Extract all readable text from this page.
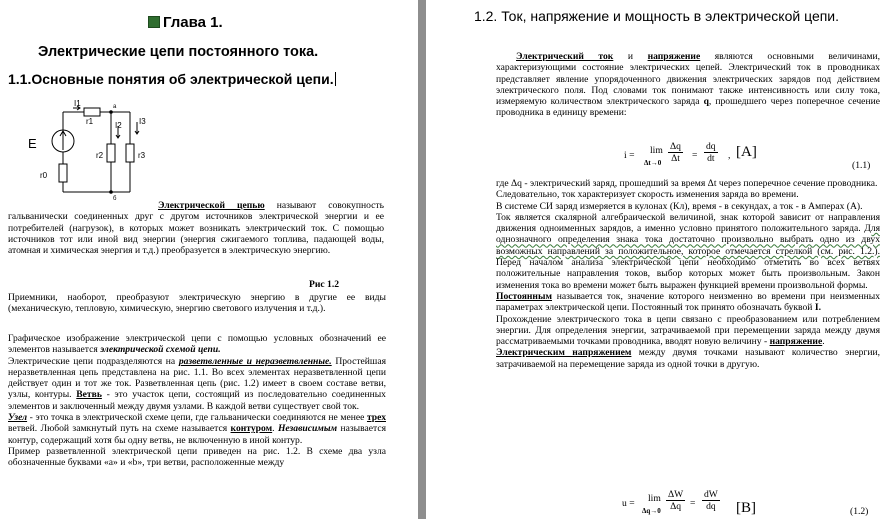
Глава 1.
Электрические цепи постоянного тока.
1.1.Основные понятия об электрической цепи.
I1
r1	I2 I3
E
r2	r3
r0
a
б
Электрической цепью называют совокупность гальванически соединенных друг с другом источников электрической энергии и ее потребителей (нагрузок), в которых может возникать электрический ток. С помощью источников тот или иной вид энергии (энергия сжигаемого топлива, падающей воды, атомная и химическая энергия и т.д.) преобразуется в электрическую энергию.
Рис 1.2
Приемники, наоборот, преобразуют электрическую энергию в другие ее виды (механическую, тепловую, химическую, энергию светового излучения и т.д.).
Графическое изображение электрической цепи с помощью условных обозначений ее элементов называется электрической схемой цепи.
Электрические цепи подразделяются на разветвленные и неразветвленные. Простейшая неразветвленная цепь представлена на рис. 1.1. Во всех элементах неразветвленной цепи действует один и тот же ток. Разветвленная цепь (рис. 1.2) имеет в своем составе ветви, узлы, контуры. Ветвь - это участок цепи, состоящий из последовательно соединенных элементов и заключенный между двумя узлами. В каждой ветви существует свой ток.
Узел - это точка в электрической схеме цепи, где гальванически соединяются не менее трех ветвей. Любой замкнутый путь на схеме называется контуром. Независимым называется контур, содержащий хотя бы одну ветвь, не включенную в иной контур.
Пример разветвленной электрической цепи приведен на рис. 1.2. В схеме два узла обозначенные буквами «а» и «b», три ветви, расположенные между
1.2. Ток, напряжение и мощность в электрической цепи.
Электрический ток и напряжение являются основными величинами, характеризующими состояние электрических цепей. Электрический ток в проводниках представляет явление упорядоченного движения электрических зарядов под действием электрического поля. Под словами ток понимают также интенсивность или силу тока, измеряемую количеством электрического заряда q, прошедшего через поперечное сечение проводника в единицу времени:
i = lim
$\Delta t\to 0 \frac{\Delta q}{\Delta t} = \frac{dq}{dt}$ , [A]
(1.1)
где Δq - электрический заряд, прошедший за время Δt через поперечное сечение проводника.
Следовательно, ток характеризует скорость изменения заряда во времени.
В системе СИ заряд измеряется в кулонах (Кл), время - в секундах, а ток - в Амперах (А).
Ток является скалярной алгебраической величиной, знак которой зависит от направления движения одноименных зарядов, а именно условно принятого положительного заряда. Для однозначного определения знака тока достаточно произвольно выбрать одно из двух возможных направлений за положительное, которое отмечается стрелкой (см. рис. 1.2.). Перед началом анализа электрической цепи необходимо отметить во всех ветвях положительные направления токов, выбор которых может быть произвольным. Закон изменения тока во времени может быть выражен функцией времени произвольной формы.
Постоянным называется ток, значение которого неизменно во времени при неизменных параметрах электрической цепи. Постоянный ток принято обозначать буквой I.
Прохождение электрического тока в цепи связано с преобразованием или потреблением энергии. Для определения энергии, затрачиваемой при перемещении заряда между двумя рассматриваемыми точками проводника, вводят новую величину - напряжение.
Электрическим напряжением между двумя точками называют количество энергии, затрачиваемой на перемещение заряда из одной точки в другую.
u = lim
$\Delta q\to 0 \frac{\Delta W}{\Delta q} = \frac{dW}{dq} [B]$	(1.2)
